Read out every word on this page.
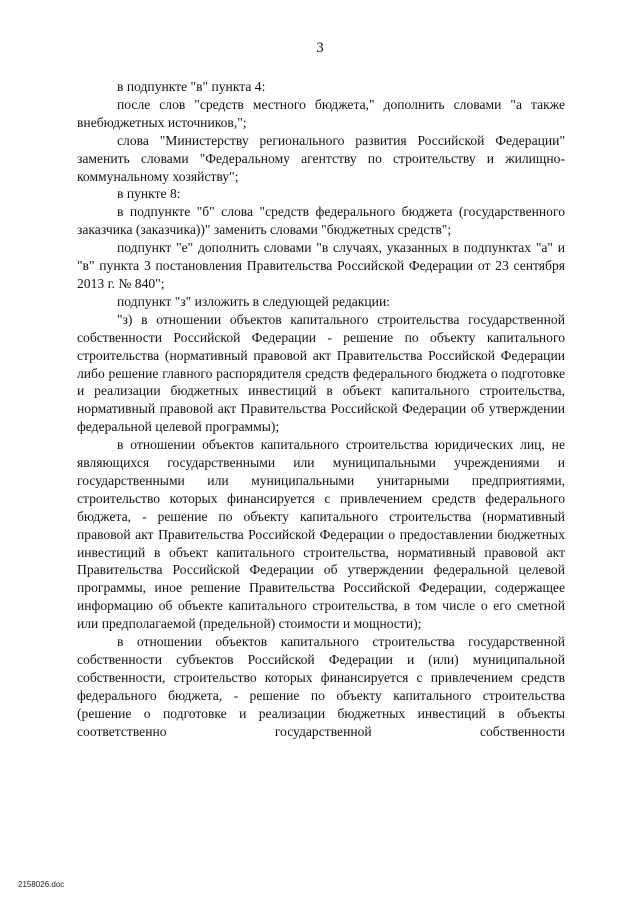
3

в подпункте "в" пункта 4:

после слов "средств местного бюджета," дополнить словами "а также внебюджетных источников,";

слова "Министерству регионального развития Российской Федерации" заменить словами "Федеральному агентству по строительству и жилищно-коммунальному хозяйству";

в пункте 8:

в подпункте "б" слова "средств федерального бюджета (государственного заказчика (заказчика))" заменить словами "бюджетных средств";

подпункт "е" дополнить словами "в случаях, указанных в подпунктах "а" и "в" пункта 3 постановления Правительства Российской Федерации от 23 сентября 2013 г. № 840";

подпункт "з" изложить в следующей редакции:

"з) в отношении объектов капитального строительства государственной собственности Российской Федерации - решение по объекту капитального строительства (нормативный правовой акт Правительства Российской Федерации либо решение главного распорядителя средств федерального бюджета о подготовке и реализации бюджетных инвестиций в объект капитального строительства, нормативный правовой акт Правительства Российской Федерации об утверждении федеральной целевой программы);

в отношении объектов капитального строительства юридических лиц, не являющихся государственными или муниципальными учреждениями и государственными или муниципальными унитарными предприятиями, строительство которых финансируется с привлечением средств федерального бюджета, - решение по объекту капитального строительства (нормативный правовой акт Правительства Российской Федерации о предоставлении бюджетных инвестиций в объект капитального строительства, нормативный правовой акт Правительства Российской Федерации об утверждении федеральной целевой программы, иное решение Правительства Российской Федерации, содержащее информацию об объекте капитального строительства, в том числе о его сметной или предполагаемой (предельной) стоимости и мощности);

в отношении объектов капитального строительства государственной собственности субъектов Российской Федерации и (или) муниципальной собственности, строительство которых финансируется с привлечением средств федерального бюджета, - решение по объекту капитального строительства (решение о подготовке и реализации бюджетных инвестиций в объекты соответственно государственной собственности

2158026.doc
